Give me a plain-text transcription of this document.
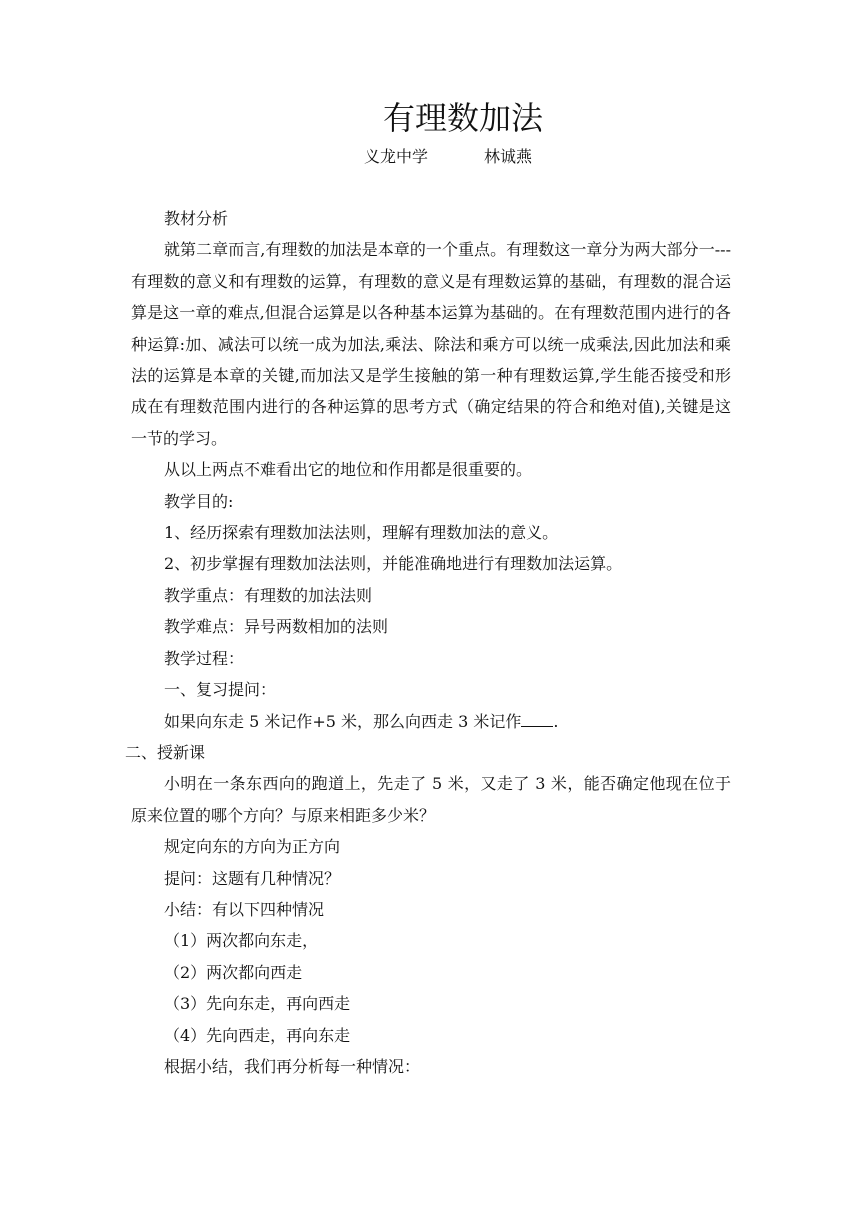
有理数加法
义龙中学	林诚燕

教材分析

就第二章而言,有理数的加法是本章的一个重点。有理数这一章分为两大部分一---有理数的意义和有理数的运算，有理数的意义是有理数运算的基础，有理数的混合运算是这一章的难点,但混合运算是以各种基本运算为基础的。在有理数范围内进行的各种运算:加、减法可以统一成为加法,乘法、除法和乘方可以统一成乘法,因此加法和乘法的运算是本章的关键,而加法又是学生接触的第一种有理数运算,学生能否接受和形成在有理数范围内进行的各种运算的思考方式（确定结果的符合和绝对值),关键是这一节的学习。

从以上两点不难看出它的地位和作用都是很重要的。

教学目的:

1、经历探索有理数加法法则，理解有理数加法的意义。

2、初步掌握有理数加法法则，并能准确地进行有理数加法运算。

教学重点：有理数的加法法则

教学难点：异号两数相加的法则

教学过程：

一、复习提问：

如果向东走 5 米记作+5 米，那么向西走 3 米记作 .

二、授新课

小明在一条东西向的跑道上，先走了 5 米，又走了 3 米，能否确定他现在位于原来位置的哪个方向？与原来相距多少米？

规定向东的方向为正方向

提问：这题有几种情况？

小结：有以下四种情况

（1）两次都向东走，

（2）两次都向西走

（3）先向东走，再向西走

（4）先向西走，再向东走

根据小结，我们再分析每一种情况：
